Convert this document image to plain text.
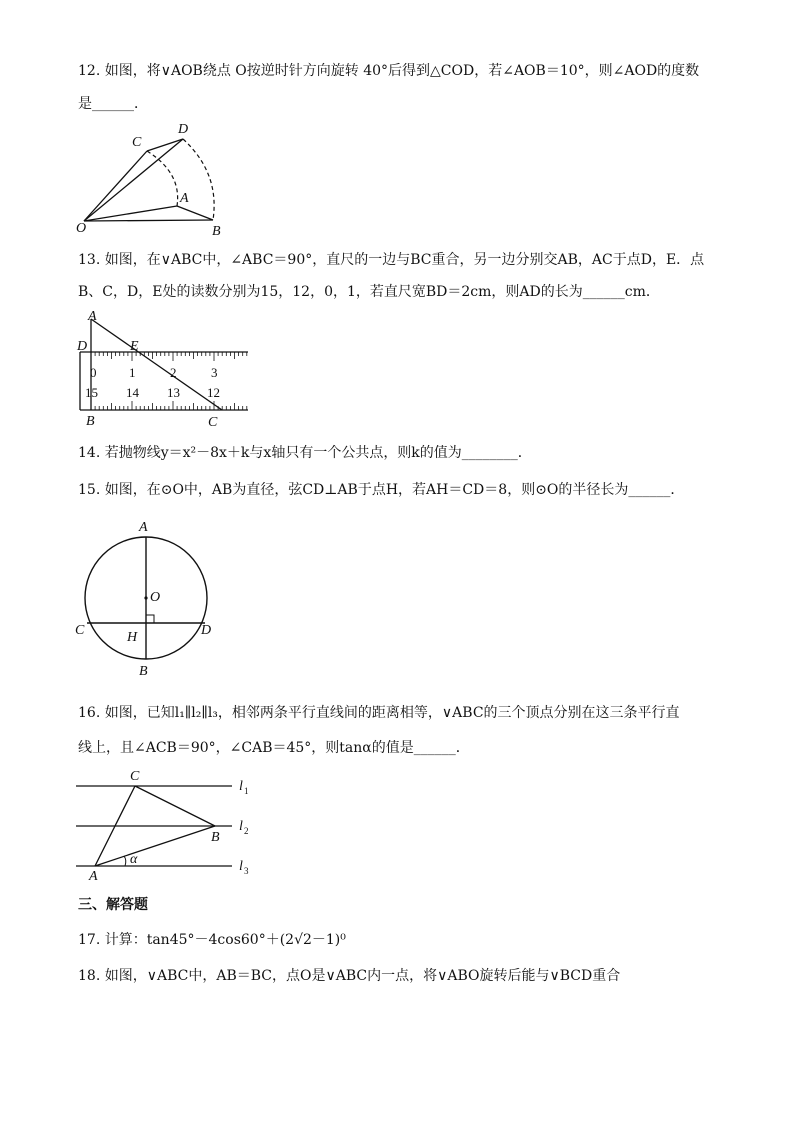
12. 如图，将∨AOB绕点 O按逆时针方向旋转 40°后得到△COD，若∠AOB＝10°，则∠AOD的度数
是______．
C
D
A
O	B
13. 如图，在∨ABC中，∠ABC＝90°，直尺的一边与BC重合，另一边分别交AB，AC于点D，E．点
B、C，D，E处的读数分别为15，12，0，1，若直尺宽BD＝2cm，则AD的长为______cm．
A
D	E
0	1	2	3
15 14 13 12
B	C
14. 若抛物线y＝x²－8x＋k与x轴只有一个公共点，则k的值为________．
15. 如图，在⊙O中，AB为直径，弦CD⊥AB于点H，若AH＝CD＝8，则⊙O的半径长为______．
A
O
C	H	D
B
16. 如图，已知l₁∥l₂∥l₃，相邻两条平行直线间的距离相等，∨ABC的三个顶点分别在这三条平行直
线上，且∠ACB＝90°，∠CAB＝45°，则tanα的值是______．
C
B
A
α
l 1
l 2
l 3
三、解答题
17. 计算：tan45°－4cos60°＋(2√2－1)⁰
18. 如图，∨ABC中，AB＝BC，点O是∨ABC内一点，将∨ABO旋转后能与∨BCD重合
